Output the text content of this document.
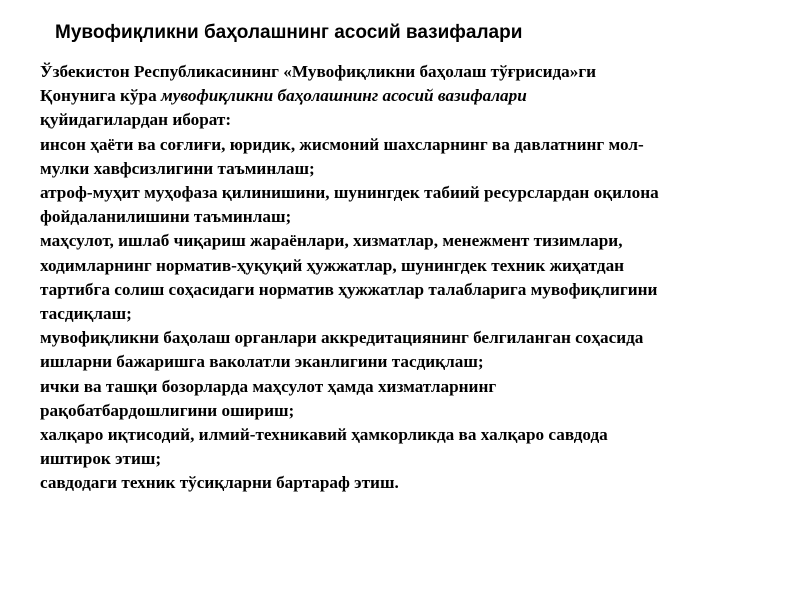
Мувофиқликни баҳолашнинг асосий вазифалари
Ўзбекистон Республикасининг «Мувофиқликни баҳолаш тўғрисида»ги
Қонунига кўра мувофиқликни баҳолашнинг асосий вазифалари
қуйидагилардан иборат:
инсон ҳаёти ва соғлиғи, юридик, жисмоний шахсларнинг ва давлатнинг мол-
мулки хавфсизлигини таъминлаш;
атроф-муҳит муҳофаза қилинишини, шунингдек табиий ресурслардан оқилона
фойдаланилишини таъминлаш;
маҳсулот, ишлаб чиқариш жараёнлари, хизматлар, менежмент тизимлари,
ходимларнинг норматив-ҳуқуқий ҳужжатлар, шунингдек техник жиҳатдан
тартибга солиш соҳасидаги норматив ҳужжатлар талабларига мувофиқлигини
тасдиқлаш;
мувофиқликни баҳолаш органлари аккредитациянинг белгиланган соҳасида
ишларни бажаришга ваколатли эканлигини тасдиқлаш;
ички ва ташқи бозорларда маҳсулот ҳамда хизматларнинг
рақобатбардошлигини ошириш;
халқаро иқтисодий, илмий-техникавий ҳамкорликда ва халқаро савдода
иштирок этиш;
савдодаги техник тўсиқларни бартараф этиш.
